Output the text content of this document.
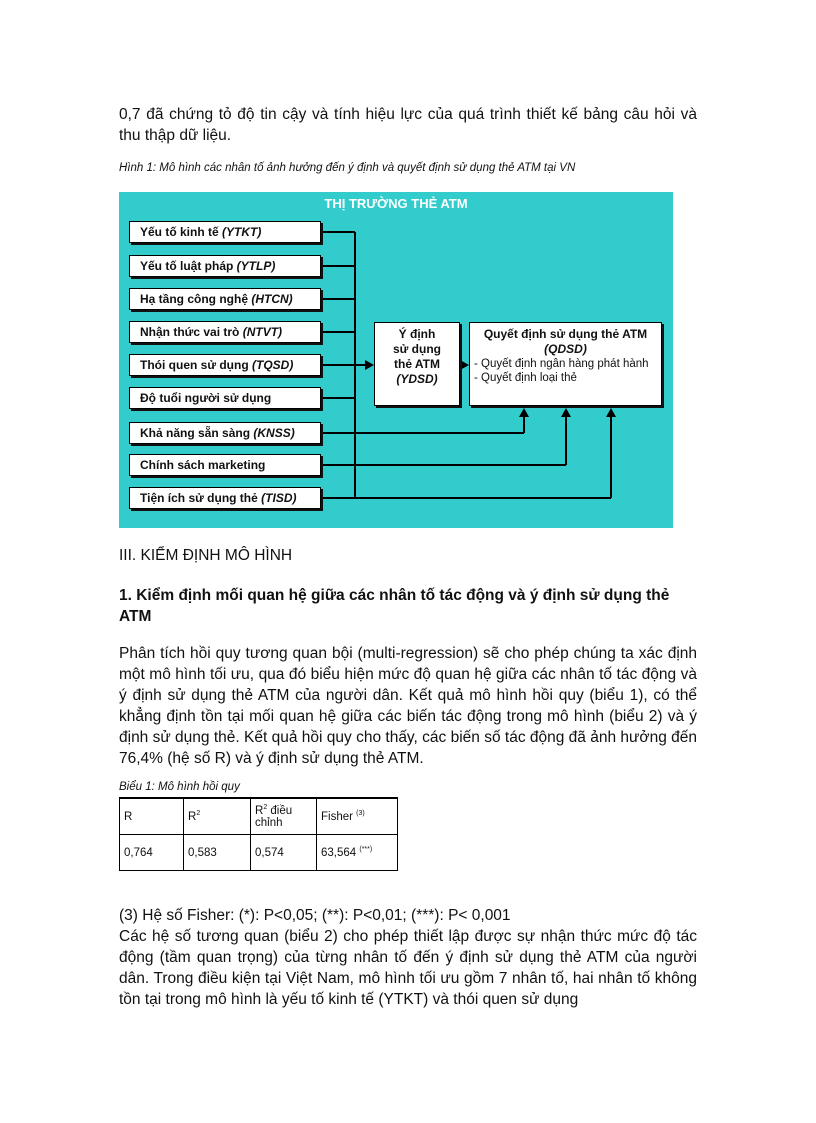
0,7 đã chứng tỏ độ tin cậy và tính hiệu lực của quá trình thiết kế bảng câu hỏi và thu thập dữ liệu.

Hình 1: Mô hình các nhân tố ảnh hưởng đến ý định và quyết định sử dụng thẻ ATM tại VN

THỊ TRƯỜNG THẺ ATM
Yếu tố kinh tế (YTKT)
Yếu tố luật pháp (YTLP)
Hạ tầng công nghệ (HTCN)
Nhận thức vai trò (NTVT)
Thói quen sử dụng (TQSD)
Độ tuổi người sử dụng
Khả năng sẵn sàng (KNSS)
Chính sách marketing
Tiện ích sử dụng thẻ (TISD)
Ý định
sử dụng
thẻ ATM
(YDSD)
Quyết định sử dụng thẻ ATM
(QDSD)
- Quyết định ngân hàng phát hành
- Quyết định loại thẻ
III. KIỂM ĐỊNH MÔ HÌNH
1. Kiểm định mối quan hệ giữa các nhân tố tác động và ý định sử dụng thẻ ATM

Phân tích hồi quy tương quan bội (multi-regression) sẽ cho phép chúng ta xác định một mô hình tối ưu, qua đó biểu hiện mức độ quan hệ giữa các nhân tố tác động và ý định sử dụng thẻ ATM của người dân. Kết quả mô hình hồi quy (biểu 1), có thể khẳng định tồn tại mối quan hệ giữa các biến tác động trong mô hình (biểu 2) và ý định sử dụng thẻ. Kết quả hồi quy cho thấy, các biến số tác động đã ảnh hưởng đến 76,4% (hệ số R) và ý định sử dụng thẻ ATM.

Biểu 1: Mô hình hồi quy
R	$R^2$	$R^2$ điều chỉnh	Fisher $^{(3)}$
0,764	0,583	0,574	63,564 (***)

(3) Hệ số Fisher: (*): P<0,05; (**): P<0,01; (***): P< 0,001

Các hệ số tương quan (biểu 2) cho phép thiết lập được sự nhận thức mức độ tác động (tầm quan trọng) của từng nhân tố đến ý định sử dụng thẻ ATM của người dân. Trong điều kiện tại Việt Nam, mô hình tối ưu gồm 7 nhân tố, hai nhân tố không tồn tại trong mô hình là yếu tố kinh tế (YTKT) và thói quen sử dụng
